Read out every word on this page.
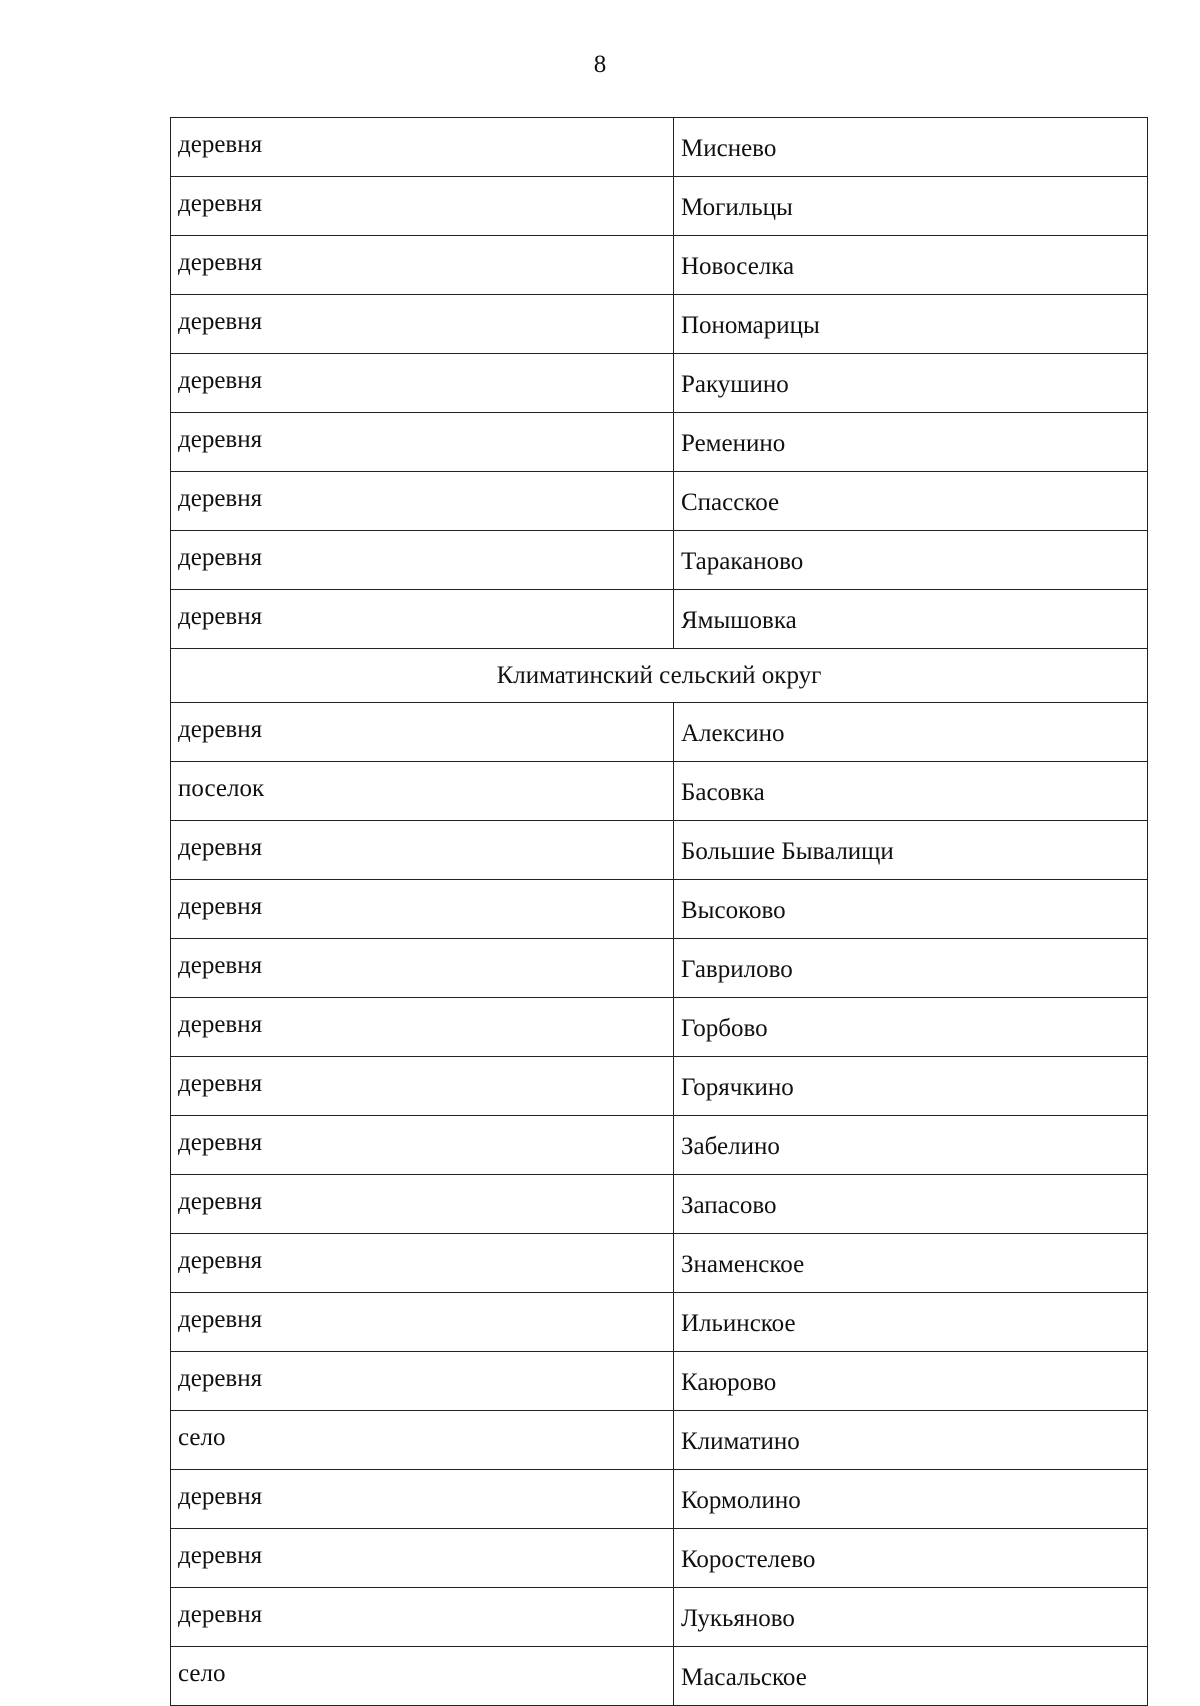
8
деревня	Миснево
деревня	Могильцы
деревня	Новоселка
деревня	Пономарицы
деревня	Ракушино
деревня	Ременино
деревня	Спасское
деревня	Тараканово
деревня	Ямышовка
Климатинский сельский округ	
деревня	Алексино
поселок	Басовка
деревня	Большие Бывалищи
деревня	Высоково
деревня	Гаврилово
деревня	Горбово
деревня	Горячкино
деревня	Забелино
деревня	Запасово
деревня	Знаменское
деревня	Ильинское
деревня	Каюрово
село	Климатино
деревня	Кормолино
деревня	Коростелево
деревня	Лукьяново
село	Масальское
